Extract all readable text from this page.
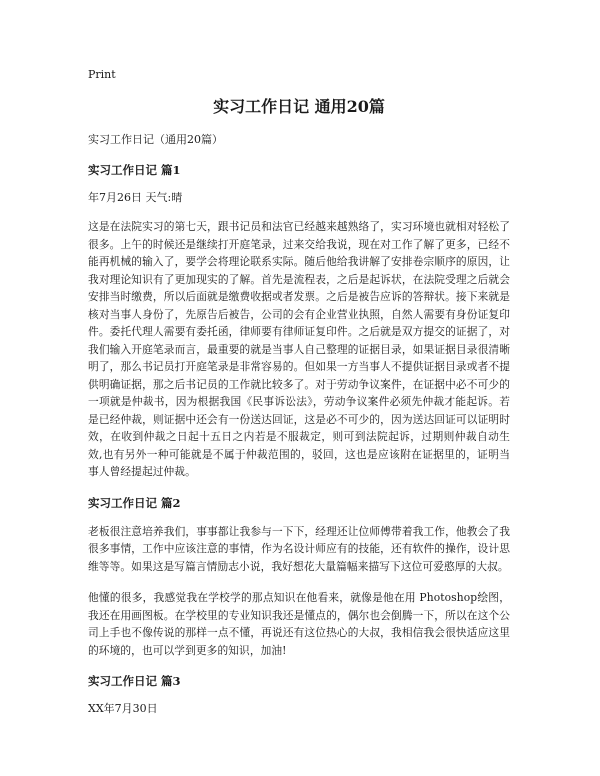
Print
实习工作日记 通用20篇
实习工作日记（通用20篇）
实习工作日记 篇1
年7月26日 天气:晴

这是在法院实习的第七天，跟书记员和法官已经越来越熟络了，实习环境也就相对轻松了很多。上午的时候还是继续打开庭笔录，过来交给我说，现在对工作了解了更多，已经不能再机械的输入了，要学会将理论联系实际。随后他给我讲解了安排卷宗顺序的原因，让我对理论知识有了更加现实的了解。首先是流程表，之后是起诉状，在法院受理之后就会安排当时缴费，所以后面就是缴费收据或者发票。之后是被告应诉的答辩状。接下来就是核对当事人身份了，先原告后被告，公司的会有企业营业执照，自然人需要有身份证复印件。委托代理人需要有委托函，律师要有律师证复印件。之后就是双方提交的证据了，对我们输入开庭笔录而言，最重要的就是当事人自己整理的证据目录，如果证据目录很清晰明了，那么书记员打开庭笔录是非常容易的。但如果一方当事人不提供证据目录或者不提供明确证据，那之后书记员的工作就比较多了。对于劳动争议案件，在证据中必不可少的一项就是仲裁书，因为根据我国《民事诉讼法》，劳动争议案件必须先仲裁才能起诉。若是已经仲裁，则证据中还会有一份送达回证，这是必不可少的，因为送达回证可以证明时效，在收到仲裁之日起十五日之内若是不服裁定，则可到法院起诉，过期则仲裁自动生效,也有另外一种可能就是不属于仲裁范围的，驳回，这也是应该附在证据里的，证明当事人曾经提起过仲裁。

实习工作日记 篇2

老板很注意培养我们，事事都让我参与一下下，经理还让位师傅带着我工作，他教会了我很多事情，工作中应该注意的事情，作为名设计师应有的技能，还有软件的操作，设计思维等等。如果这是写篇言情励志小说，我好想花大量篇幅来描写下这位可爱憨厚的大叔。

他懂的很多，我感觉我在学校学的那点知识在他看来，就像是他在用 Photoshop绘图，我还在用画图板。在学校里的专业知识我还是懂点的，偶尔也会倒腾一下，所以在这个公司上手也不像传说的那样一点不懂，再说还有这位热心的大叔，我相信我会很快适应这里的环境的，也可以学到更多的知识，加油!

实习工作日记 篇3
XX年7月30日
